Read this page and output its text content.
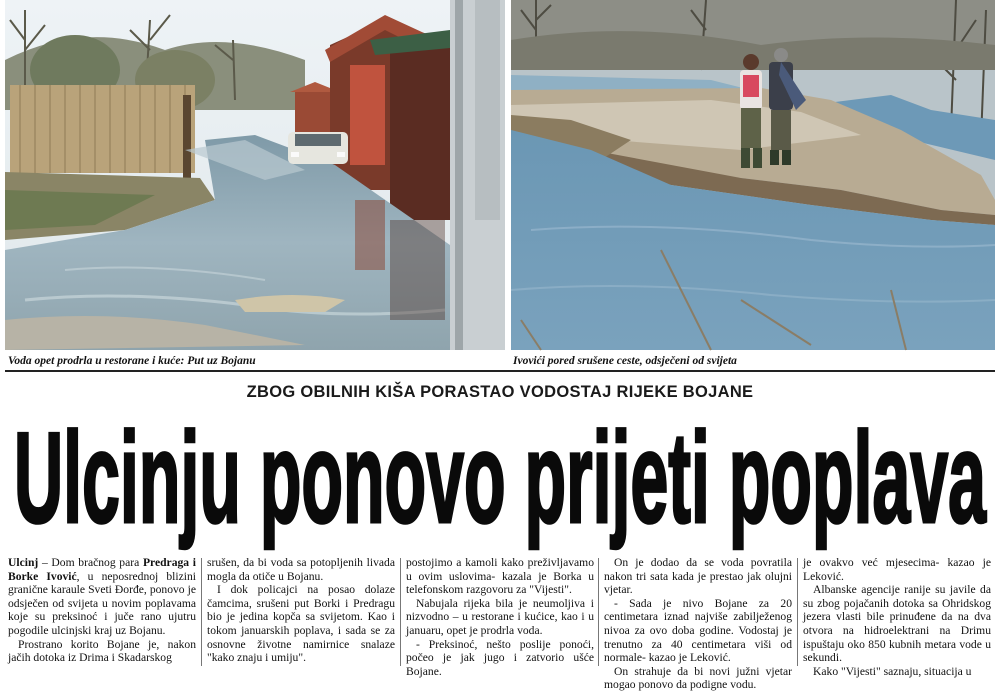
Voda opet prodrla u restorane i kuće: Put uz Bojanu	Ivovići pored srušene ceste, odsječeni od svijeta
ZBOG OBILNIH KIŠA PORASTAO VODOSTAJ RIJEKE BOJANE
Ulcinju ponovo prijeti poplava

Ulcinj – Dom bračnog para Predraga i Borke Ivović, u neposrednoj blizini granične karaule Sveti Đorđe, ponovo je odsječen od svijeta u novim poplavama koje su preksinoć i juče rano ujutru pogodile ulcinjski kraj uz Bojanu.

Prostrano korito Bojane je, nakon jačih dotoka iz Drima i Skadarskog

srušen, da bi voda sa potopljenih livada mogla da otiče u Bojanu.

I dok policajci na posao dolaze čamcima, srušeni put Borki i Predragu bio je jedina kopča sa svijetom. Kao i tokom januarskih poplava, i sada se za osnovne životne namirnice snalaze "kako znaju i umiju".

postojimo a kamoli kako preživljavamo u ovim uslovima- kazala je Borka u telefonskom razgovoru za "Vijesti".

Nabujala rijeka bila je neumoljiva i nizvodno – u restorane i kućice, kao i u januaru, opet je prodrla voda.

- Preksinoć, nešto poslije ponoći, počeo je jak jugo i zatvorio ušće Bojane.

On je dodao da se voda povratila nakon tri sata kada je prestao jak olujni vjetar.

- Sada je nivo Bojane za 20 centimetara iznad najviše zabilježenog nivoa za ovo doba godine. Vodostaj je trenutno za 40 centimetara viši od normale- kazao je Leković.

On strahuje da bi novi južni vjetar mogao ponovo da podigne vodu.

je ovakvo već mjesecima- kazao je Leković.

Albanske agencije ranije su javile da su zbog pojačanih dotoka sa Ohridskog jezera vlasti bile prinuđene da na dva otvora na hidroelektrani na Drimu ispuštaju oko 850 kubnih metara vode u sekundi.

Kako "Vijesti" saznaju, situacija u
